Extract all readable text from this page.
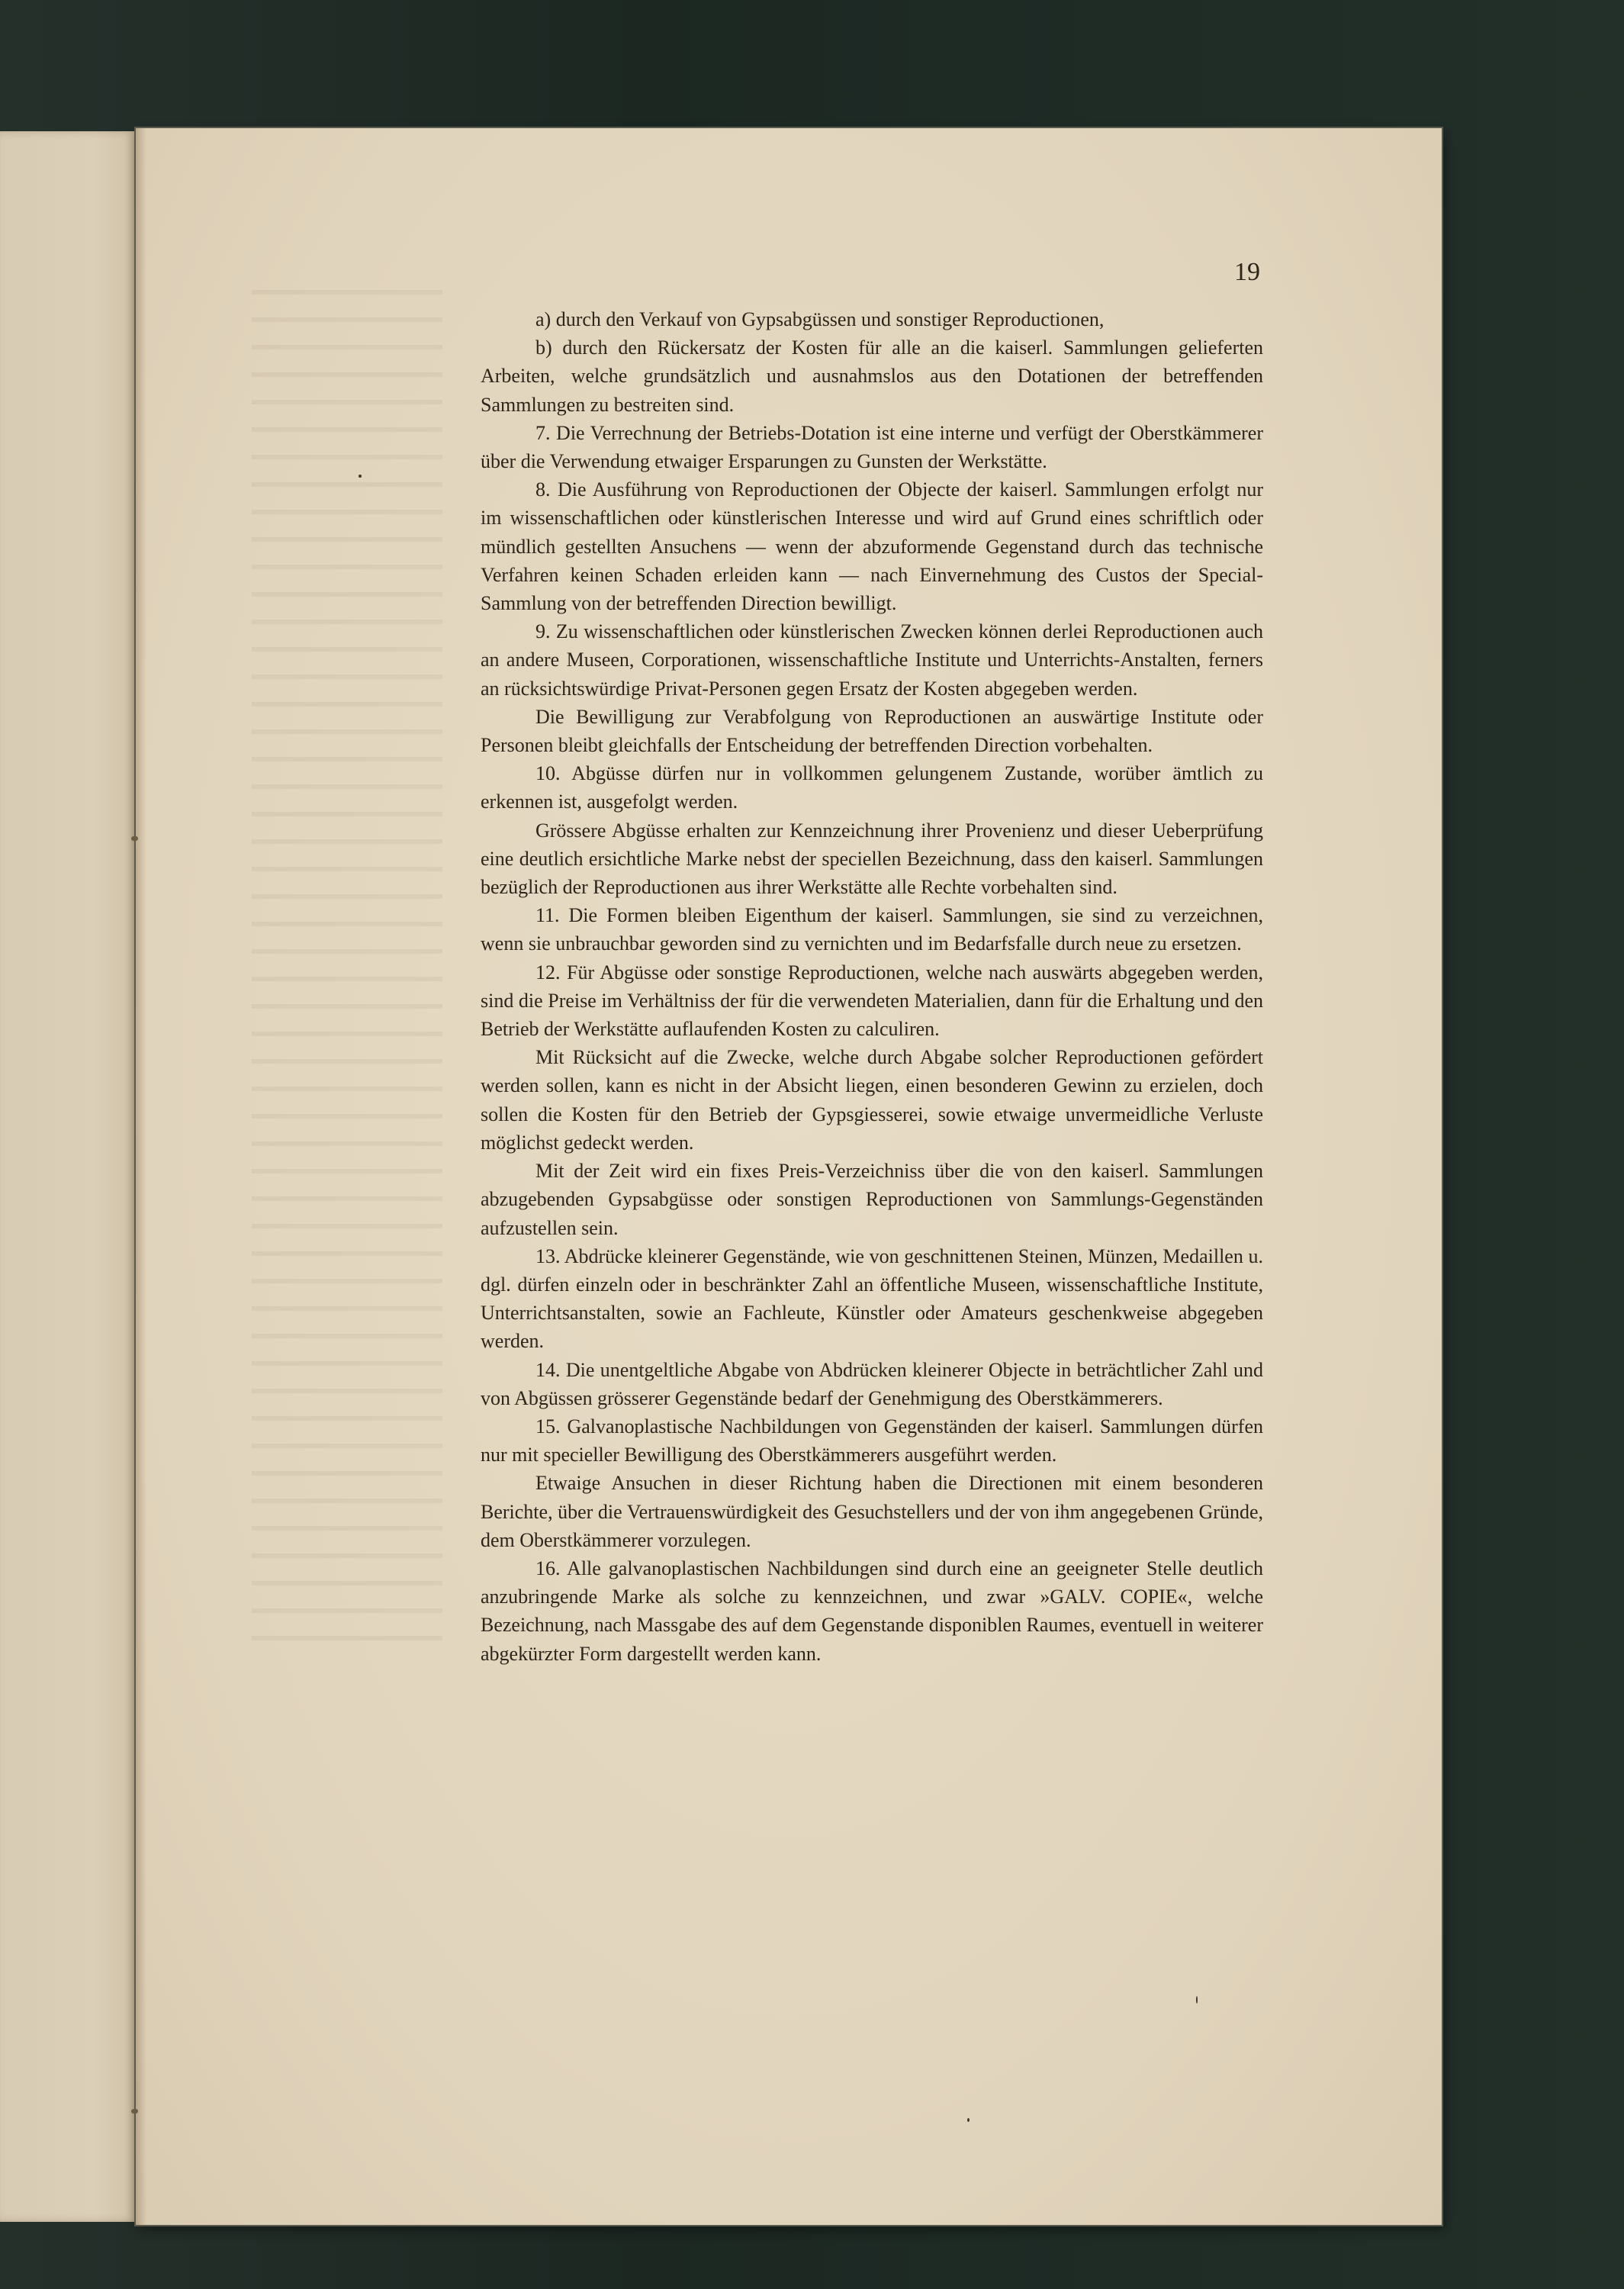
19

a) durch den Verkauf von Gypsabgüssen und sonstiger Reproductionen,

b) durch den Rückersatz der Kosten für alle an die kaiserl. Sammlungen gelieferten Arbeiten, welche grundsätzlich und ausnahmslos aus den Dotationen der betreffenden Sammlungen zu bestreiten sind.

7. Die Verrechnung der Betriebs-Dotation ist eine interne und verfügt der Oberstkämmerer über die Verwendung etwaiger Ersparungen zu Gunsten der Werkstätte.

8. Die Ausführung von Reproductionen der Objecte der kaiserl. Sammlungen erfolgt nur im wissenschaftlichen oder künstlerischen Interesse und wird auf Grund eines schriftlich oder mündlich gestellten Ansuchens — wenn der abzuformende Gegenstand durch das technische Verfahren keinen Schaden erleiden kann — nach Einvernehmung des Custos der Special-Sammlung von der betreffenden Direction bewilligt.

9. Zu wissenschaftlichen oder künstlerischen Zwecken können derlei Reproductionen auch an andere Museen, Corporationen, wissenschaftliche Institute und Unterrichts-Anstalten, ferners an rücksichtswürdige Privat-Personen gegen Ersatz der Kosten abgegeben werden.

Die Bewilligung zur Verabfolgung von Reproductionen an auswärtige Institute oder Personen bleibt gleichfalls der Entscheidung der betreffenden Direction vorbehalten.

10. Abgüsse dürfen nur in vollkommen gelungenem Zustande, worüber ämtlich zu erkennen ist, ausgefolgt werden.

Grössere Abgüsse erhalten zur Kennzeichnung ihrer Provenienz und dieser Ueberprüfung eine deutlich ersichtliche Marke nebst der speciellen Bezeichnung, dass den kaiserl. Sammlungen bezüglich der Reproductionen aus ihrer Werkstätte alle Rechte vorbehalten sind.

11. Die Formen bleiben Eigenthum der kaiserl. Sammlungen, sie sind zu verzeichnen, wenn sie unbrauchbar geworden sind zu vernichten und im Bedarfsfalle durch neue zu ersetzen.

12. Für Abgüsse oder sonstige Reproductionen, welche nach auswärts abgegeben werden, sind die Preise im Verhältniss der für die verwendeten Materialien, dann für die Erhaltung und den Betrieb der Werkstätte auflaufenden Kosten zu calculiren.

Mit Rücksicht auf die Zwecke, welche durch Abgabe solcher Reproductionen gefördert werden sollen, kann es nicht in der Absicht liegen, einen besonderen Gewinn zu erzielen, doch sollen die Kosten für den Betrieb der Gypsgiesserei, sowie etwaige unvermeidliche Verluste möglichst gedeckt werden.

Mit der Zeit wird ein fixes Preis-Verzeichniss über die von den kaiserl. Sammlungen abzugebenden Gypsabgüsse oder sonstigen Reproductionen von Sammlungs-Gegenständen aufzustellen sein.

13. Abdrücke kleinerer Gegenstände, wie von geschnittenen Steinen, Münzen, Medaillen u. dgl. dürfen einzeln oder in beschränkter Zahl an öffentliche Museen, wissenschaftliche Institute, Unterrichtsanstalten, sowie an Fachleute, Künstler oder Amateurs geschenkweise abgegeben werden.

14. Die unentgeltliche Abgabe von Abdrücken kleinerer Objecte in beträchtlicher Zahl und von Abgüssen grösserer Gegenstände bedarf der Genehmigung des Oberstkämmerers.

15. Galvanoplastische Nachbildungen von Gegenständen der kaiserl. Sammlungen dürfen nur mit specieller Bewilligung des Oberstkämmerers ausgeführt werden.

Etwaige Ansuchen in dieser Richtung haben die Directionen mit einem besonderen Berichte, über die Vertrauenswürdigkeit des Gesuchstellers und der von ihm angegebenen Gründe, dem Oberstkämmerer vorzulegen.

16. Alle galvanoplastischen Nachbildungen sind durch eine an geeigneter Stelle deutlich anzubringende Marke als solche zu kennzeichnen, und zwar »GALV. COPIE«, welche Bezeichnung, nach Massgabe des auf dem Gegenstande disponiblen Raumes, eventuell in weiterer abgekürzter Form dargestellt werden kann.
